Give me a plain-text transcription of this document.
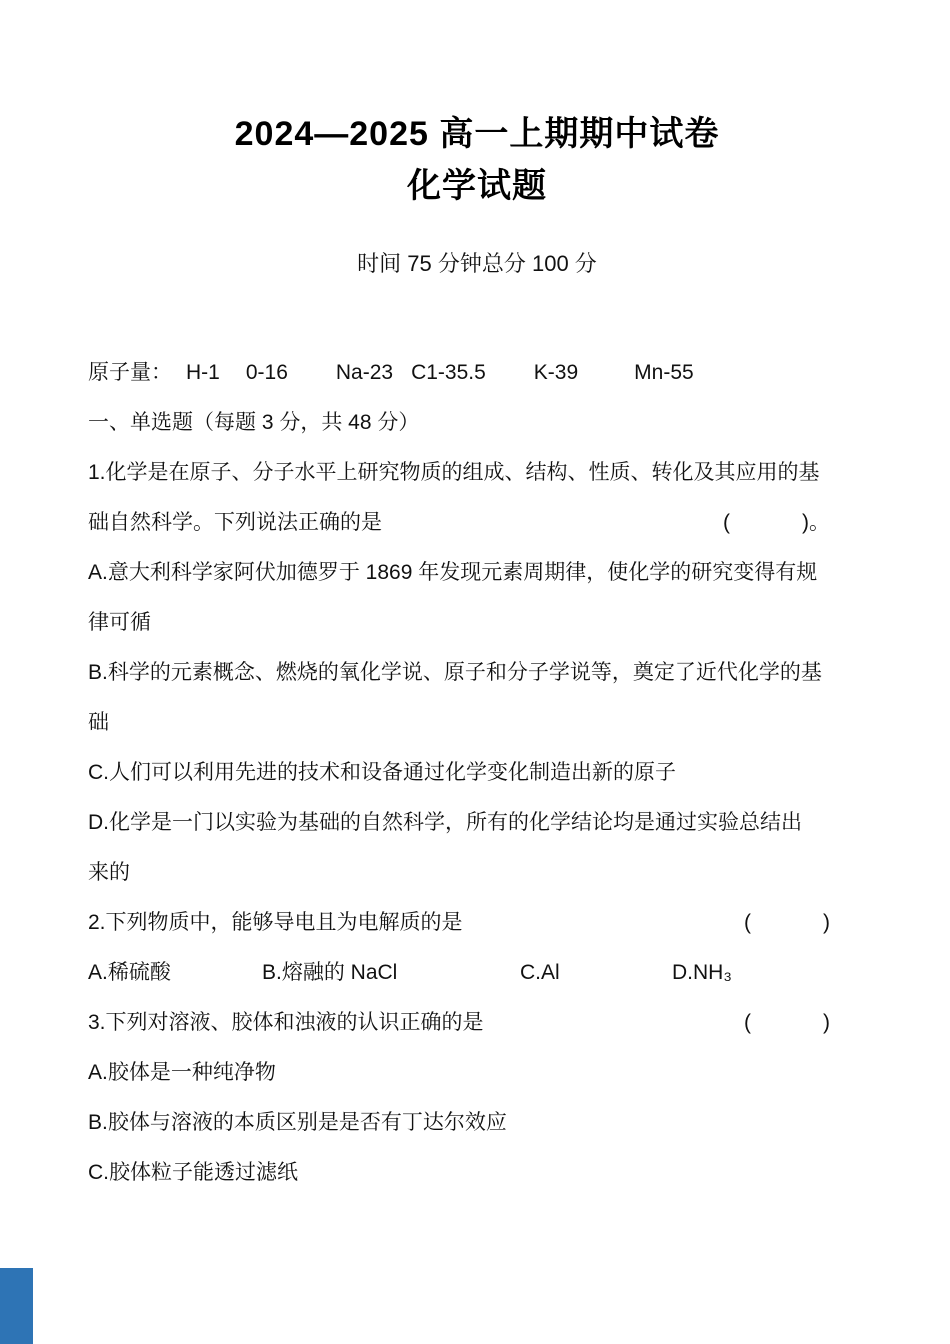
2024—2025 高一上期期中试卷
化学试题
时间 75 分钟总分 100 分
原子量： H-1 0-16 Na-23 C1-35.5 K-39	Mn-55
一、单选题（每题 3 分，共 48 分）
1.化学是在原子、分子水平上研究物质的组成、结构、性质、转化及其应用的基
础自然科学。下列说法正确的是	(	)。
A.意大利科学家阿伏加德罗于 1869 年发现元素周期律，使化学的研究变得有规
律可循
B.科学的元素概念、燃烧的氧化学说、原子和分子学说等，奠定了近代化学的基
础
C.人们可以利用先进的技术和设备通过化学变化制造出新的原子
D.化学是一门以实验为基础的自然科学，所有的化学结论均是通过实验总结出
来的
2.下列物质中，能够导电且为电解质的是	(	)
A.稀硫酸	B.熔融的 NaCl	C.Al	D.NH₃
3.下列对溶液、胶体和浊液的认识正确的是	(	)
A.胶体是一种纯净物
B.胶体与溶液的本质区别是是否有丁达尔效应
C.胶体粒子能透过滤纸
